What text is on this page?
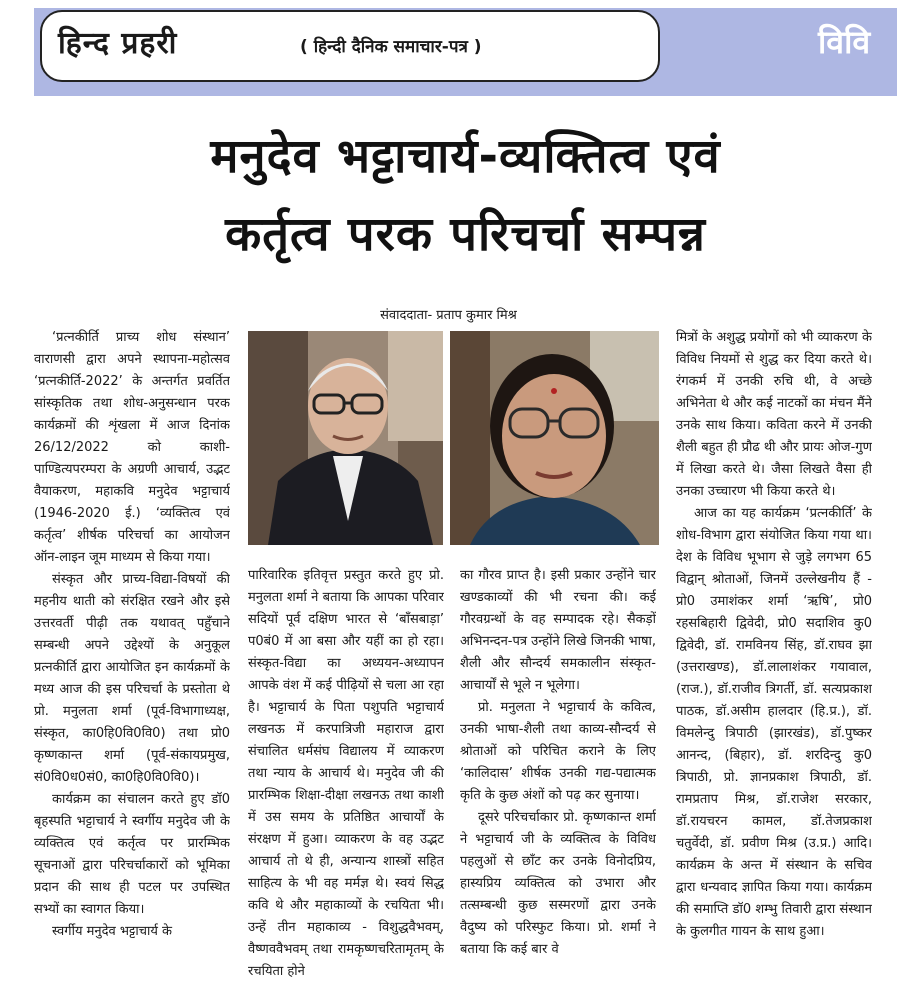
हिन्द प्रहरी	( हिन्दी दैनिक समाचार-पत्र )	विवि
मनुदेव भट्टाचार्य-व्यक्तित्व एवं
कर्तृत्व परक परिचर्चा सम्पन्न
संवाददाता- प्रताप कुमार मिश्र

‘प्रत्नकीर्ति प्राच्य शोध संस्थान’ वाराणसी द्वारा अपने स्थापना-महोत्सव ‘प्रत्नकीर्ति-2022’ के अन्तर्गत प्रवर्तित सांस्कृतिक तथा शोध-अनुसन्धान परक कार्यक्रमों की शृंखला में आज दिनांक 26/12/2022 को काशी-पाण्डित्यपरम्परा के अग्रणी आचार्य, उद्भट वैयाकरण, महाकवि मनुदेव भट्टाचार्य (1946-2020 ई.) ‘व्यक्तित्व एवं कर्तृत्व’ शीर्षक परिचर्चा का आयोजन ऑन-लाइन जूम माध्यम से किया गया।

संस्कृत और प्राच्य-विद्या-विषयों की महनीय थाती को संरक्षित रखने और इसे उत्तरवर्ती पीढ़ी तक यथावत् पहुँचाने सम्बन्धी अपने उद्देश्यों के अनुकूल प्रत्नकीर्ति द्वारा आयोजित इन कार्यक्रमों के मध्य आज की इस परिचर्चा के प्रस्तोता थे प्रो. मनुलता शर्मा (पूर्व-विभागाध्यक्ष, संस्कृत, का0हि0वि0वि0) तथा प्रो0 कृष्णकान्त शर्मा (पूर्व-संकायप्रमुख, सं0वि0ध0सं0, का0हि0वि0वि0)।

कार्यक्रम का संचालन करते हुए डॉ0 बृहस्पति भट्टाचार्य ने स्वर्गीय मनुदेव जी के व्यक्तित्व एवं कर्तृत्व पर प्रारम्भिक सूचनाओं द्वारा परिचर्चाकारों को भूमिका प्रदान की साथ ही पटल पर उपस्थित सभ्यों का स्वागत किया।

स्वर्गीय मनुदेव भट्टाचार्य के

पारिवारिक इतिवृत्त प्रस्तुत करते हुए प्रो. मनुलता शर्मा ने बताया कि आपका परिवार सदियों पूर्व दक्षिण भारत से ‘बाँसबाड़ा’ प0बं0 में आ बसा और यहीं का हो रहा। संस्कृत-विद्या का अध्ययन-अध्यापन आपके वंश में कई पीढ़ियों से चला आ रहा है। भट्टाचार्य के पिता पशुपति भट्टाचार्य लखनऊ में करपात्रिजी महाराज द्वारा संचालित धर्मसंघ विद्यालय में व्याकरण तथा न्याय के आचार्य थे। मनुदेव जी की प्रारम्भिक शिक्षा-दीक्षा लखनऊ तथा काशी में उस समय के प्रतिष्ठित आचार्यों के संरक्षण में हुआ। व्याकरण के वह उद्भट आचार्य तो थे ही, अन्यान्य शास्त्रों सहित साहित्य के भी वह मर्मज्ञ थे। स्वयं सिद्ध कवि थे और महाकाव्यों के रचयिता भी। उन्हें तीन महाकाव्य - विशुद्धवैभवम्, वैष्णववैभवम् तथा रामकृष्णचरितामृतम् के रचयिता होने

का गौरव प्राप्त है। इसी प्रकार उन्होंने चार खण्डकाव्यों की भी रचना की। कई गौरवग्रन्थों के वह सम्पादक रहे। सैकड़ों अभिनन्दन-पत्र उन्होंने लिखे जिनकी भाषा, शैली और सौन्दर्य समकालीन संस्कृत-आचार्यों से भूले न भूलेगा।

प्रो. मनुलता ने भट्टाचार्य के कवित्व, उनकी भाषा-शैली तथा काव्य-सौन्दर्य से श्रोताओं को परिचित कराने के लिए ‘कालिदास’ शीर्षक उनकी गद्य-पद्यात्मक कृति के कुछ अंशों को पढ़ कर सुनाया।

दूसरे परिचर्चाकार प्रो. कृष्णकान्त शर्मा ने भट्टाचार्य जी के व्यक्तित्व के विविध पहलुओं से छाँट कर उनके विनोदप्रिय, हास्यप्रिय व्यक्तित्व को उभारा और तत्सम्बन्धी कुछ सस्मरणों द्वारा उनके वैदुष्य को परिस्फुट किया। प्रो. शर्मा ने बताया कि कई बार वे

मित्रों के अशुद्ध प्रयोगों को भी व्याकरण के विविध नियमों से शुद्ध कर दिया करते थे। रंगकर्म में उनकी रुचि थी, वे अच्छे अभिनेता थे और कई नाटकों का मंचन मैंने उनके साथ किया। कविता करने में उनकी शैली बहुत ही प्रौढ थी और प्रायः ओज-गुण में लिखा करते थे। जैसा लिखते वैसा ही उनका उच्चारण भी किया करते थे।

आज का यह कार्यक्रम ‘प्रत्नकीर्ति’ के शोध-विभाग द्वारा संयोजित किया गया था। देश के विविध भूभाग से जुड़े लगभग 65 विद्वान् श्रोताओं, जिनमें उल्लेखनीय हैं - प्रो0 उमाशंकर शर्मा ‘ऋषि’, प्रो0 रहसबिहारी द्विवेदी, प्रो0 सदाशिव कु0 द्विवेदी, डॉ. रामविनय सिंह, डॉ.राघव झा (उत्तराखण्ड), डॉ.लालाशंकर गयावाल, (राज.), डॉ.राजीव त्रिगर्ती, डॉ. सत्यप्रकाश पाठक, डॉ.असीम हालदार (हि.प्र.), डॉ. विमलेन्दु त्रिपाठी (झारखंड), डॉ.पुष्कर आनन्द, (बिहार), डॉ. शरदिन्दु कु0 त्रिपाठी, प्रो. ज्ञानप्रकाश त्रिपाठी, डॉ. रामप्रताप मिश्र, डॉ.राजेश सरकार, डॉ.रायचरन कामल, डॉ.तेजप्रकाश चतुर्वेदी, डॉ. प्रवीण मिश्र (उ.प्र.) आदि। कार्यक्रम के अन्त में संस्थान के सचिव द्वारा धन्यवाद ज्ञापित किया गया। कार्यक्रम की समाप्ति डॉ0 शम्भु तिवारी द्वारा संस्थान के कुलगीत गायन के साथ हुआ।
